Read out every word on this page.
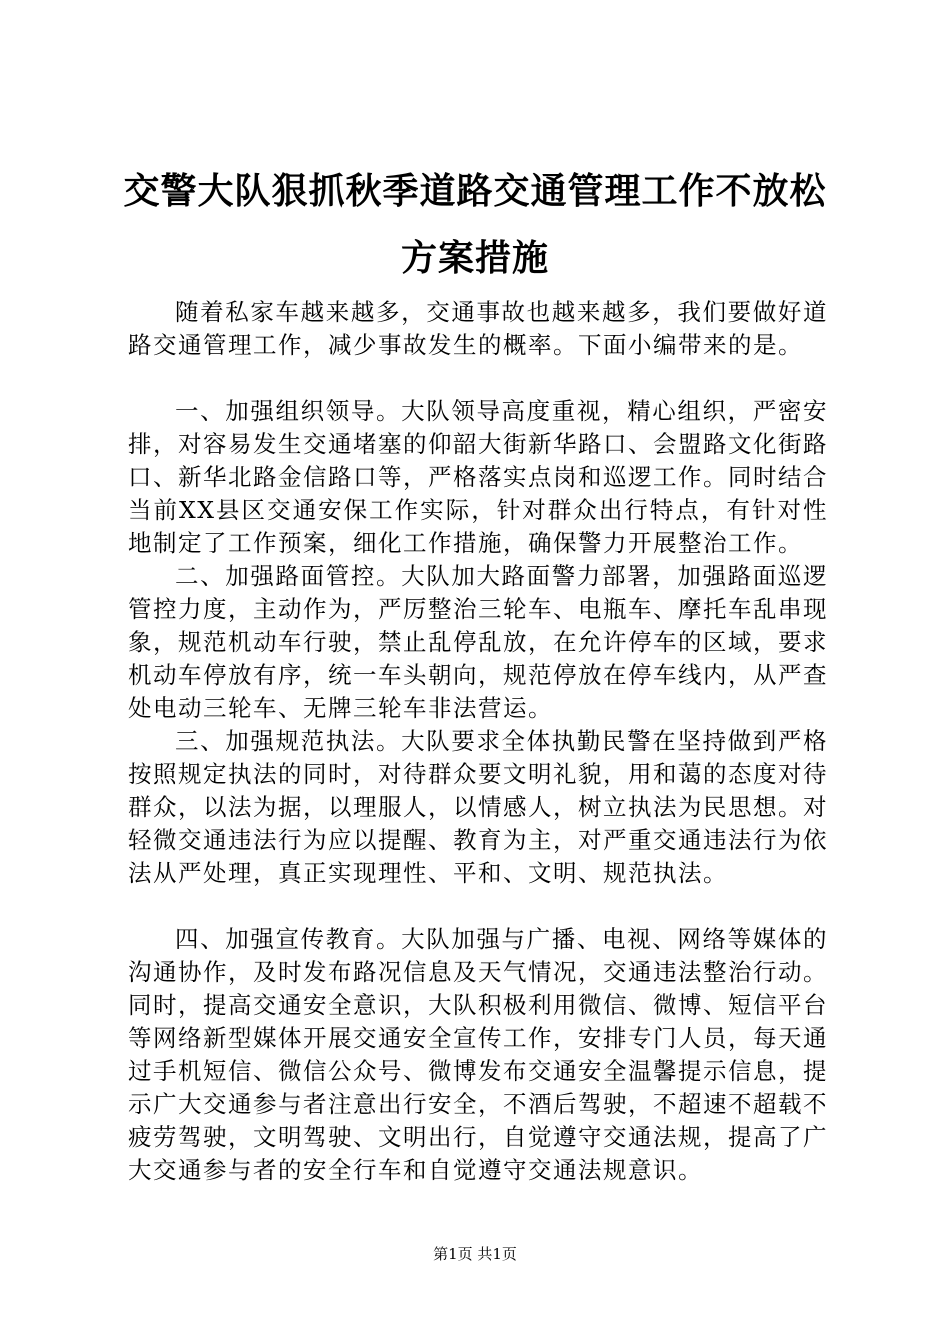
交警大队狠抓秋季道路交通管理工作不放松方案措施

随着私家车越来越多，交通事故也越来越多，我们要做好道路交通管理工作，减少事故发生的概率。下面小编带来的是。

一、加强组织领导。大队领导高度重视，精心组织，严密安排，对容易发生交通堵塞的仰韶大街新华路口、会盟路文化街路口、新华北路金信路口等，严格落实点岗和巡逻工作。同时结合当前XX县区交通安保工作实际，针对群众出行特点，有针对性地制定了工作预案，细化工作措施，确保警力开展整治工作。

二、加强路面管控。大队加大路面警力部署，加强路面巡逻管控力度，主动作为，严厉整治三轮车、电瓶车、摩托车乱串现象，规范机动车行驶，禁止乱停乱放，在允许停车的区域，要求机动车停放有序，统一车头朝向，规范停放在停车线内，从严查处电动三轮车、无牌三轮车非法营运。

三、加强规范执法。大队要求全体执勤民警在坚持做到严格按照规定执法的同时，对待群众要文明礼貌，用和蔼的态度对待群众，以法为据，以理服人，以情感人，树立执法为民思想。对轻微交通违法行为应以提醒、教育为主，对严重交通违法行为依法从严处理，真正实现理性、平和、文明、规范执法。

四、加强宣传教育。大队加强与广播、电视、网络等媒体的沟通协作，及时发布路况信息及天气情况，交通违法整治行动。同时，提高交通安全意识，大队积极利用微信、微博、短信平台等网络新型媒体开展交通安全宣传工作，安排专门人员，每天通过手机短信、微信公众号、微博发布交通安全温馨提示信息，提示广大交通参与者注意出行安全，不酒后驾驶，不超速不超载不疲劳驾驶，文明驾驶、文明出行，自觉遵守交通法规，提高了广大交通参与者的安全行车和自觉遵守交通法规意识。

第1页 共1页
